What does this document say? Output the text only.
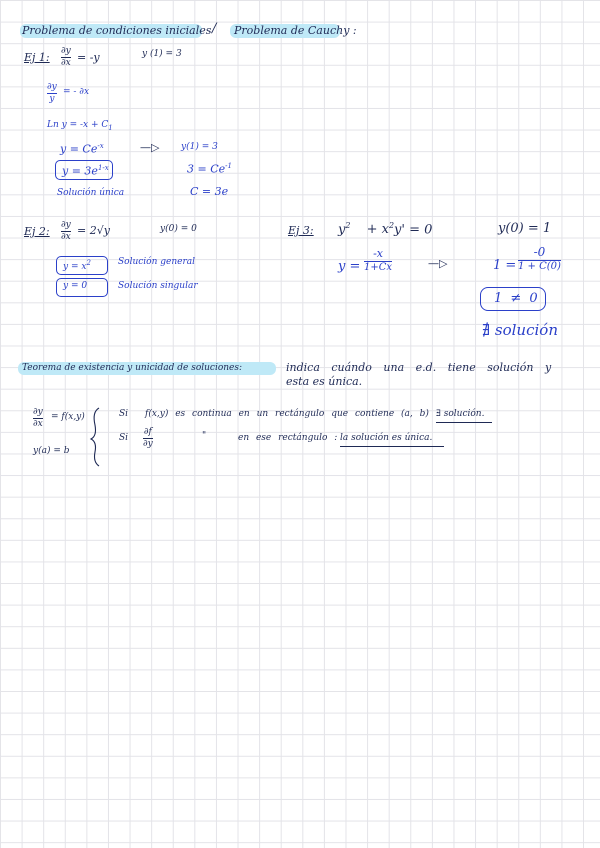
Problema de condiciones iniciales / Problema de Cauchy :
Ej 1: ∂y
∂x = -y	y (1) = 3
∂y
y
= - ∂x
Ln $y = -x + C_1$
$y = Ce^{-x}$	—▷ y(1) = 3
$y = 3e^{1-x}$	$3 = Ce^{-1}$
Solución única	C = 3e
Ej 2: ∂y
∂x
= 2√y	y(0) = 0
$y = x^2$	Solución general
y = 0	Solución singular
Ej 3: $y^2 + x^2y' = 0$	y(0) = 1
y =
-x
1+Cx	—▷	1 =
-0
1 + C(0)
1 ≠ 0
∄ solución
Teorema de existencia y unicidad de soluciones:	indica cuándo una e.d. tiene solución y
esta es única.
∂y
∂x
= f(x,y)
y(a) = b
Si f(x,y) es continua en un rectángulo que contiene (a, b) :
∃ solución.
Si
∂f
∂y
"	en ese rectángulo : la solución es única.
